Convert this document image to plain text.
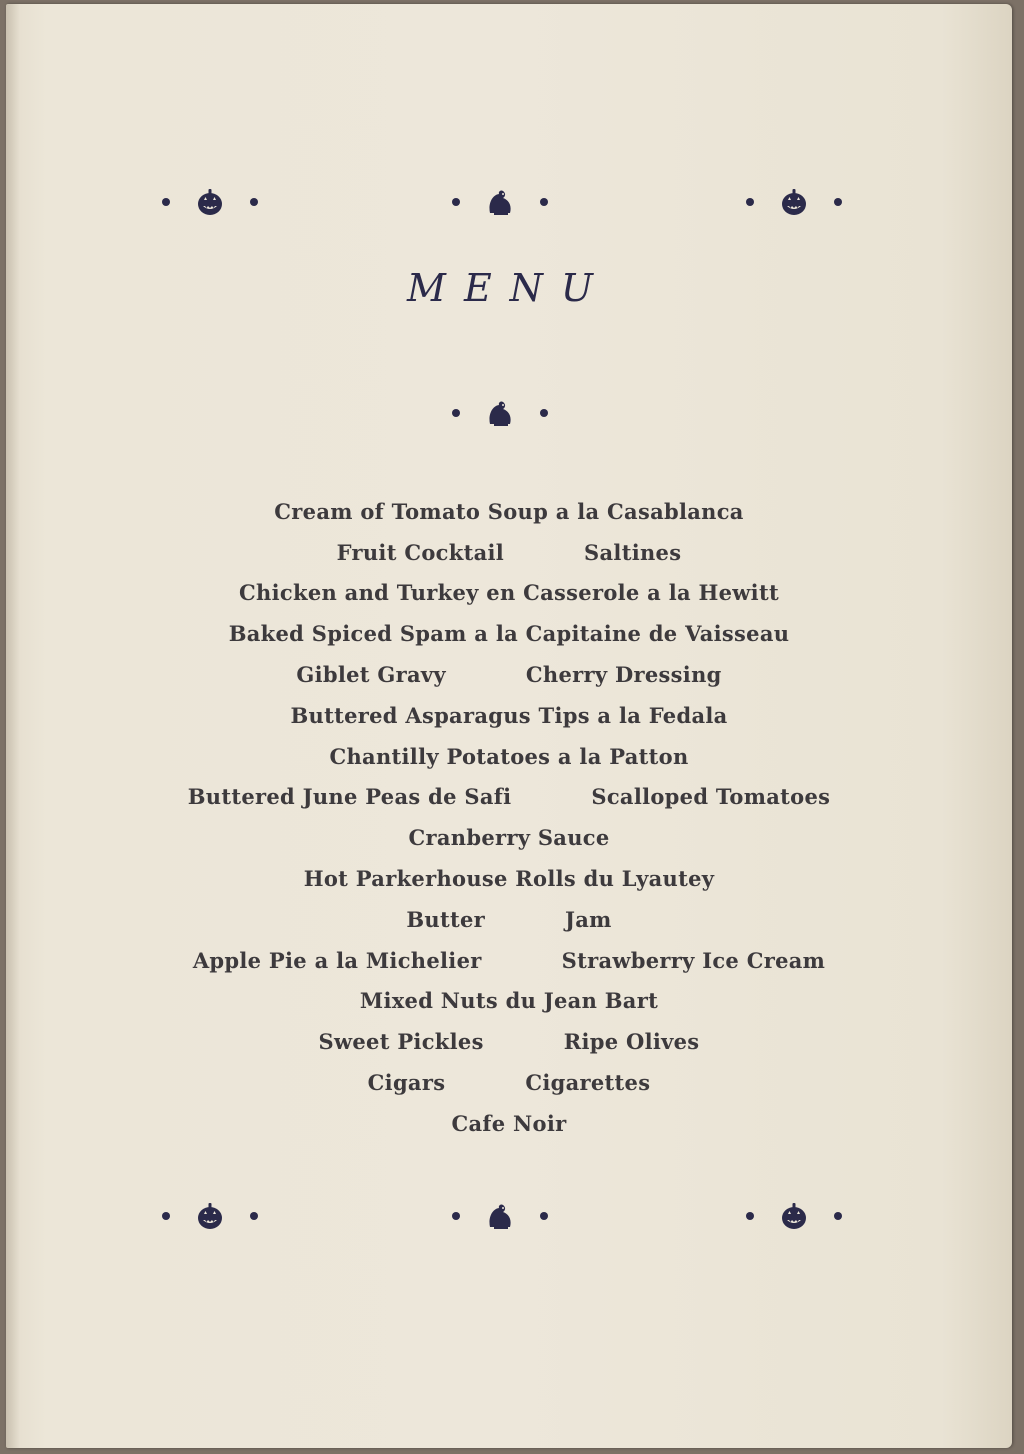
MENU
Cream of Tomato Soup a la Casablanca
Fruit Cocktail	Saltines
Chicken and Turkey en Casserole a la Hewitt
Baked Spiced Spam a la Capitaine de Vaisseau
Giblet Gravy	Cherry Dressing
Buttered Asparagus Tips a la Fedala
Chantilly Potatoes a la Patton
Buttered June Peas de Safi	Scalloped Tomatoes
Cranberry Sauce
Hot Parkerhouse Rolls du Lyautey
Butter	Jam
Apple Pie a la Michelier	Strawberry Ice Cream
Mixed Nuts du Jean Bart
Sweet Pickles	Ripe Olives
Cigars	Cigarettes
Cafe Noir
